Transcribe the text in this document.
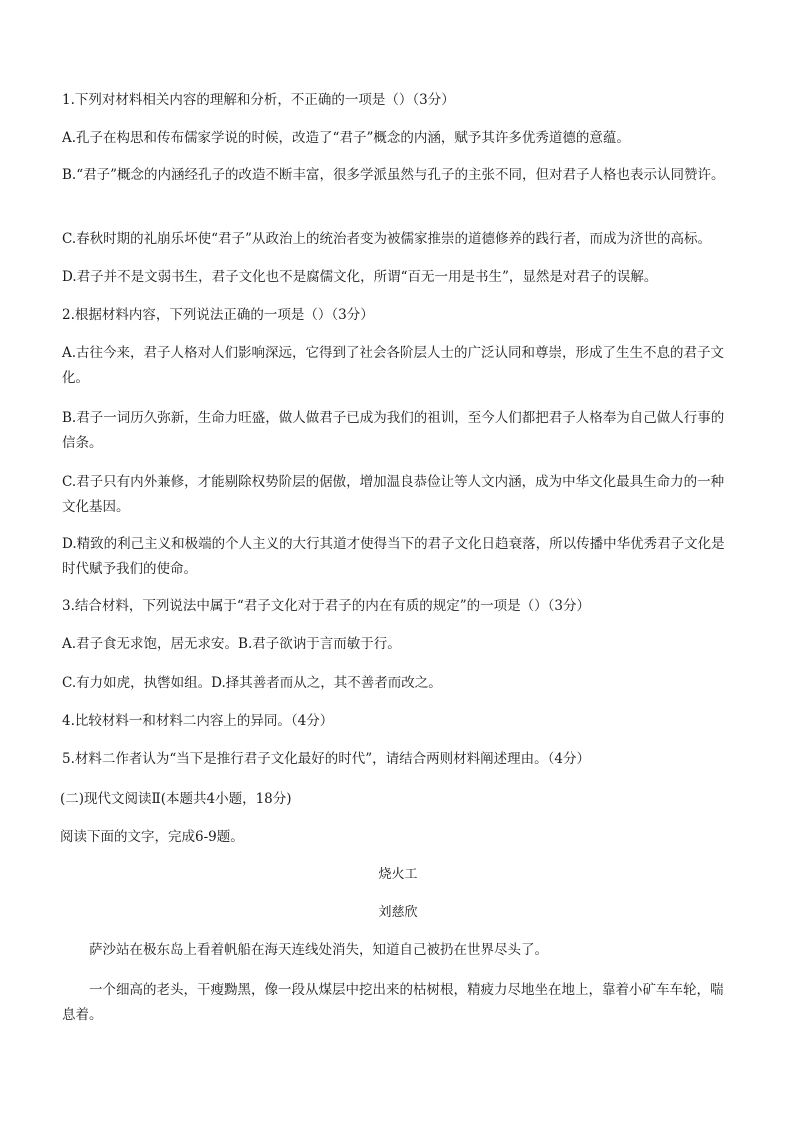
1.下列对材料相关内容的理解和分析，不正确的一项是（）（3分）
A.孔子在构思和传布儒家学说的时候，改造了“君子”概念的内涵，赋予其许多优秀道德的意蕴。
B.“君子”概念的内涵经孔子的改造不断丰富，很多学派虽然与孔子的主张不同，但对君子人格也表示认同赞许。
C.春秋时期的礼崩乐坏使“君子”从政治上的统治者变为被儒家推崇的道德修养的践行者，而成为济世的高标。
D.君子并不是文弱书生，君子文化也不是腐儒文化，所谓“百无一用是书生”，显然是对君子的误解。
2.根据材料内容，下列说法正确的一项是（）（3分）
A.古往今来，君子人格对人们影响深远，它得到了社会各阶层人士的广泛认同和尊崇，形成了生生不息的君子文化。
B.君子一词历久弥新，生命力旺盛，做人做君子已成为我们的祖训，至今人们都把君子人格奉为自己做人行事的信条。
C.君子只有内外兼修，才能剔除权势阶层的倨傲，增加温良恭俭让等人文内涵，成为中华文化最具生命力的一种文化基因。
D.精致的利己主义和极端的个人主义的大行其道才使得当下的君子文化日趋衰落，所以传播中华优秀君子文化是时代赋予我们的使命。
3.结合材料，下列说法中属于“君子文化对于君子的内在有质的规定”的一项是（）（3分）
A.君子食无求饱，居无求安。B.君子欲讷于言而敏于行。
C.有力如虎，执辔如组。D.择其善者而从之，其不善者而改之。
4.比较材料一和材料二内容上的异同。（4分）
5.材料二作者认为“当下是推行君子文化最好的时代”，请结合两则材料阐述理由。（4分）
(二)现代文阅读Ⅱ(本题共4小题，18分)
阅读下面的文字，完成6-9题。
烧火工
刘慈欣
萨沙站在极东岛上看着帆船在海天连线处消失，知道自己被扔在世界尽头了。
一个细高的老头，干瘦黝黑，像一段从煤层中挖出来的枯树根，精疲力尽地坐在地上，靠着小矿车车轮，喘息着。
